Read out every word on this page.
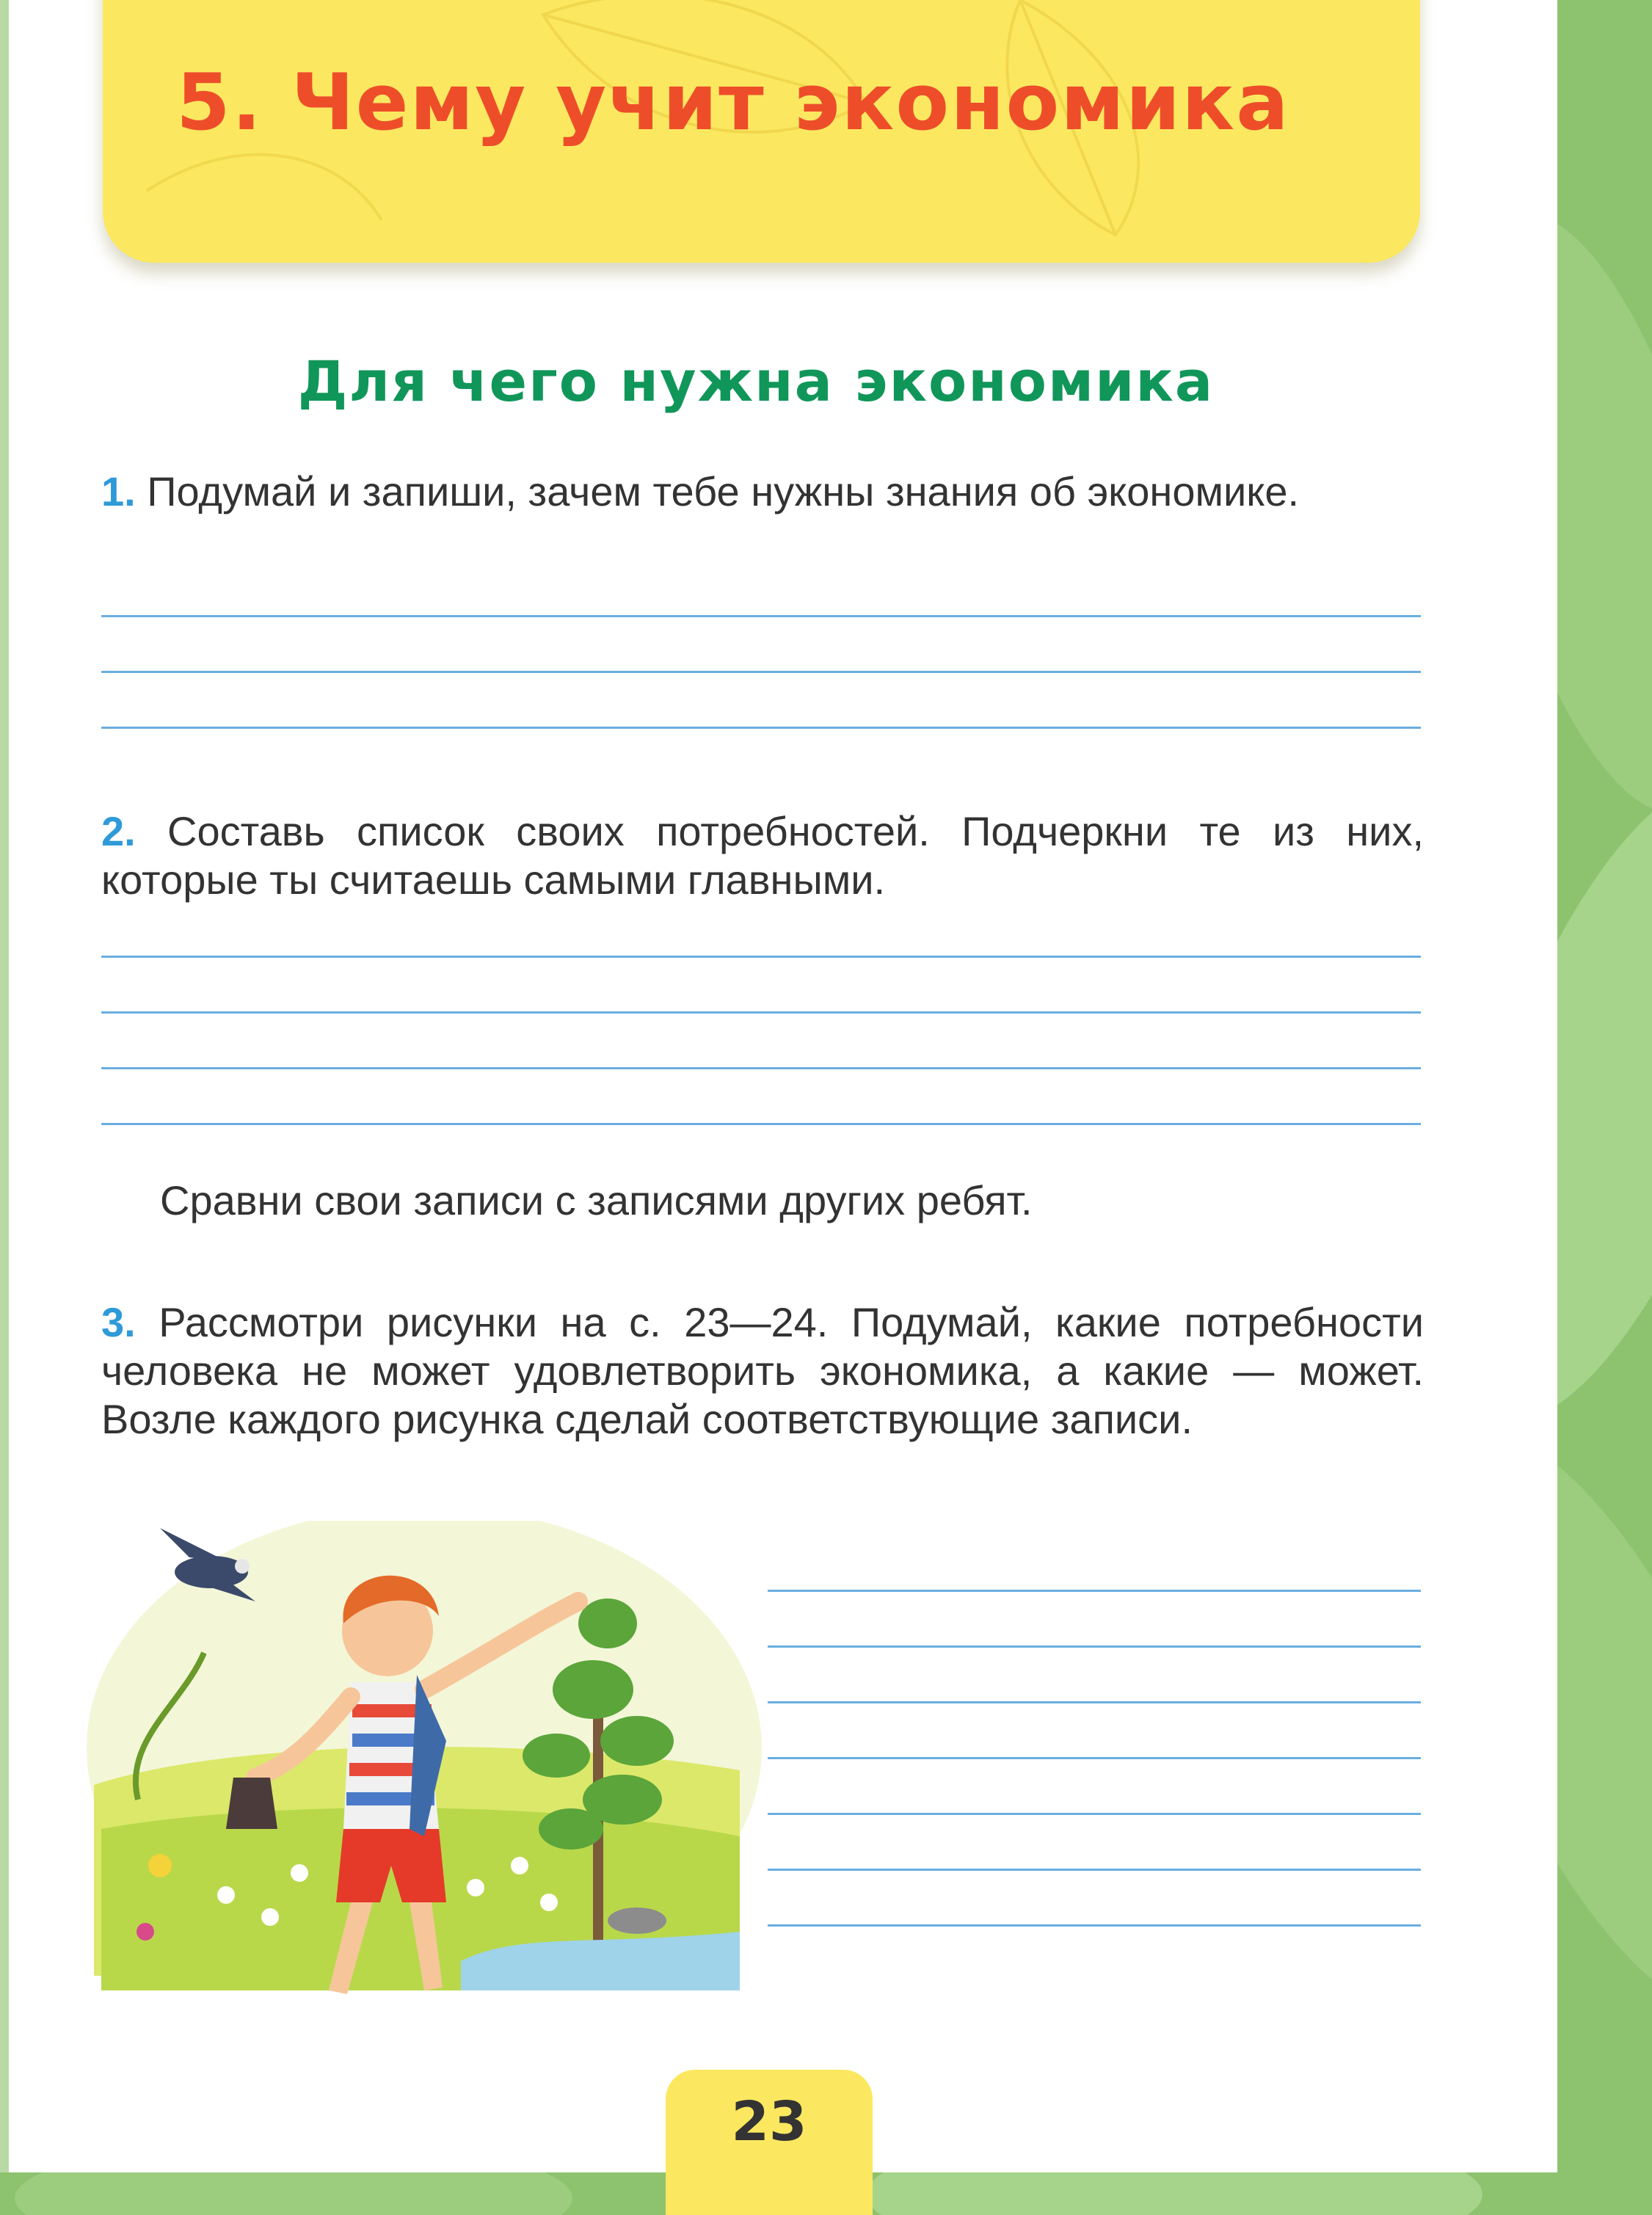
5. Чему учит экономика
Для чего нужна экономика

1. Подумай и запиши, зачем тебе нужны знания об экономике.

2. Составь список своих потребностей. Подчеркни те из них, которые ты считаешь самыми главными.

Сравни свои записи с записями других ребят.

3. Рассмотри рисунки на с. 23—24. Подумай, какие потребности человека не может удовлетворить экономика, а какие — может. Возле каждого рисунка сделай соответствующие записи.

23
